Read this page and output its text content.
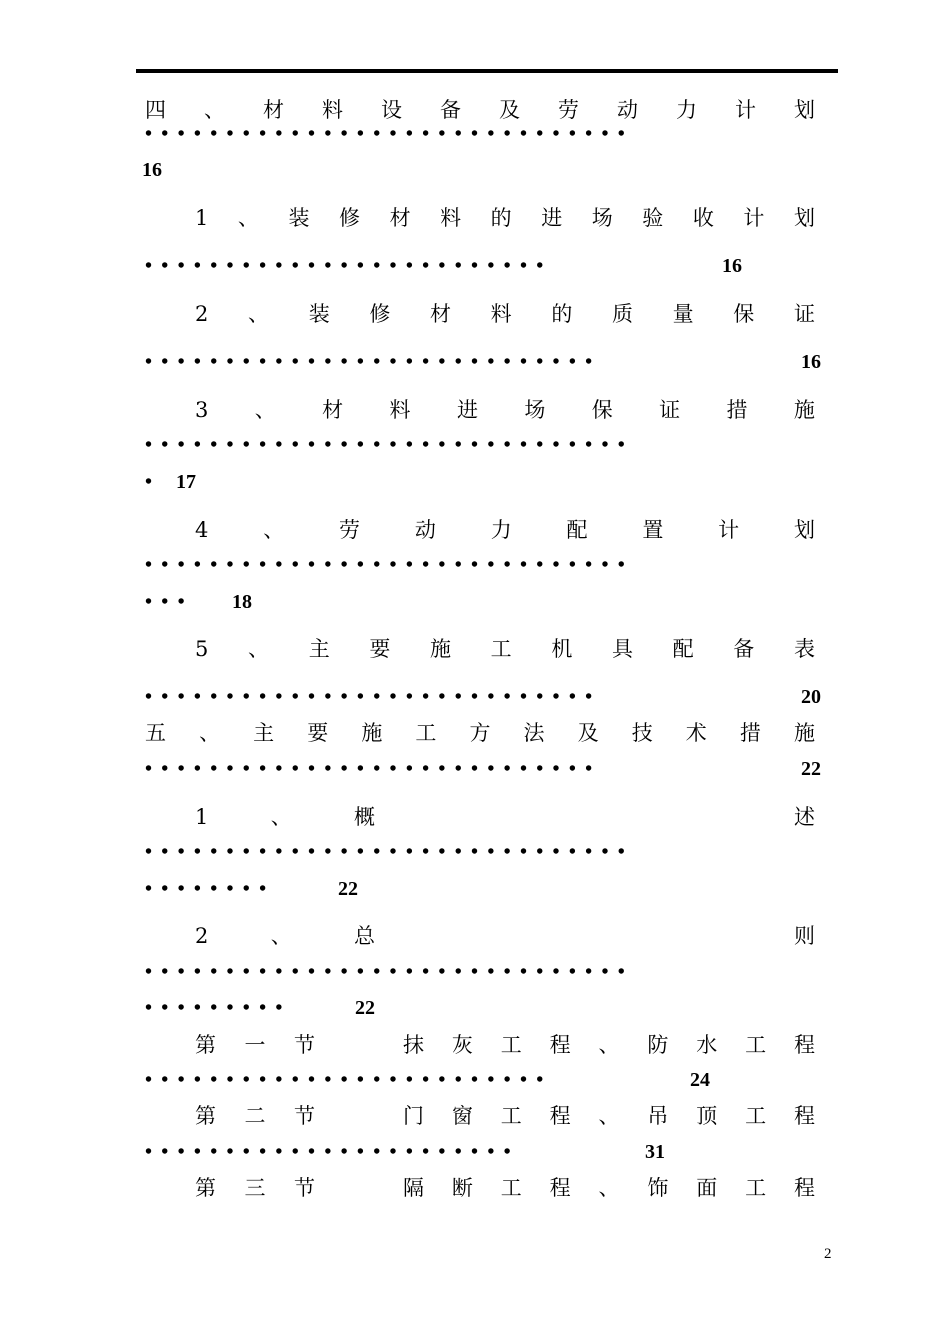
四 、 材 料 设 备 及 劳 动 力 计 划
••••••••••••••••••••••••••••••
16
1 、 装 修 材 料 的 进 场 验 收 计 划
•••••••••••••••••••••••••	16
2 、 装 修 材 料 的 质 量 保 证
••••••••••••••••••••••••••••	16
3 、 材 料 进 场 保 证 措 施
••••••••••••••••••••••••••••••
•	17
4	、	劳	动	力	配	置	计	划
••••••••••••••••••••••••••••••
•••	18
5 、 主 要 施 工 机 具 配 备 表
••••••••••••••••••••••••••••	20
五 、 主 要 施 工 方 法 及 技 术 措 施
••••••••••••••••••••••••••••	22
1	、	概	述
••••••••••••••••••••••••••••••
••••••••	22
2	、	总	则
••••••••••••••••••••••••••••••
•••••••••	22
第 一 节	抹 灰 工 程 、 防 水 工 程
•••••••••••••••••••••••••	24
第 二 节	门 窗 工 程 、 吊 顶 工 程
•••••••••••••••••••••••	31
第 三 节	隔 断 工 程 、 饰 面 工 程
2
